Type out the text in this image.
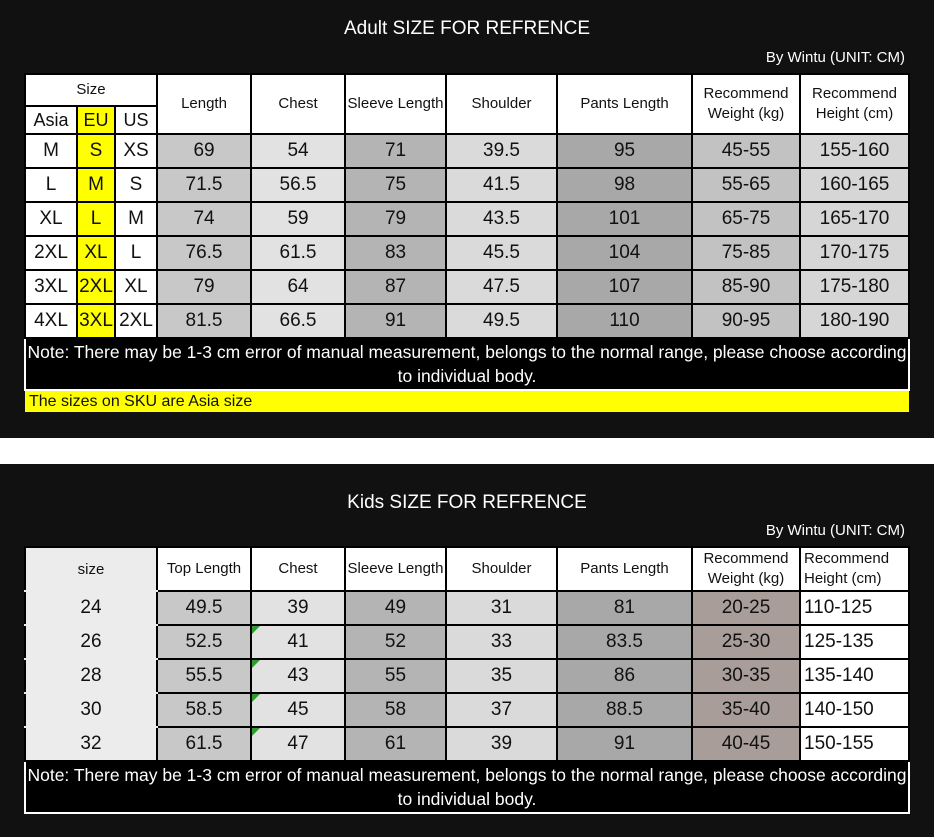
Adult SIZE FOR REFRENCE
By Wintu (UNIT: CM)
Size			Length	Chest	Sleeve Length	Shoulder	Pants Length	Recommend Weight (kg)	Recommend Height (cm)
Asia	EU	US							
M	S	XS	69	54	71	39.5	95	45-55	155-160
L	M	S	71.5	56.5	75	41.5	98	55-65	160-165
XL	L	M	74	59	79	43.5	101	65-75	165-170
2XL	XL	L	76.5	61.5	83	45.5	104	75-85	170-175
3XL	2XL	XL	79	64	87	47.5	107	85-90	175-180
4XL	3XL	2XL	81.5	66.5	91	49.5	110	90-95	180-190
Note: There may be 1-3 cm error of manual measurement, belongs to the normal range, please choose according to individual body.									
The sizes on SKU are Asia size									
Kids SIZE FOR REFRENCE
By Wintu (UNIT: CM)
size	Top Length	Chest	Sleeve Length	Shoulder	Pants Length	Recommend Weight (kg)	Recommend Height (cm)
24	49.5	39	49	31	81	20-25	110-125
26	52.5	41	52	33	83.5	25-30	125-135
28	55.5	43	55	35	86	30-35	135-140
30	58.5	45	58	37	88.5	35-40	140-150
32	61.5	47	61	39	91	40-45	150-155
Note: There may be 1-3 cm error of manual measurement, belongs to the normal range, please choose according to individual body.							
